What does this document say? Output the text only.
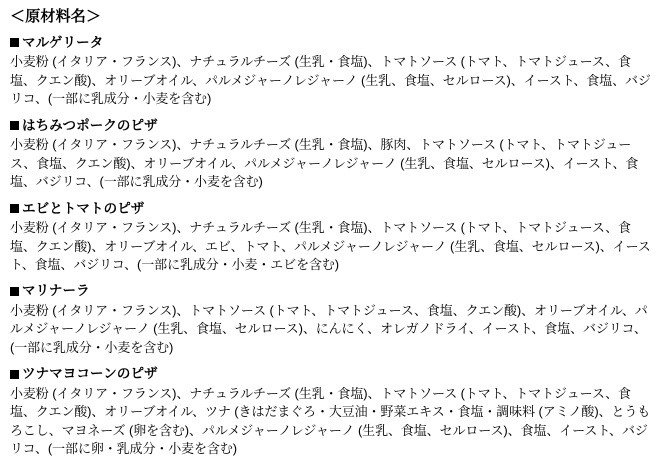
＜原材料名＞
マルゲリータ

小麦粉 (イタリア・フランス)、ナチュラルチーズ (生乳・食塩)、トマトソース (トマト、トマトジュース、食塩、クエン酸)、オリーブオイル、パルメジャーノレジャーノ (生乳、食塩、セルロース)、イースト、食塩、バジリコ、(一部に乳成分・小麦を含む)

はちみつポークのピザ

小麦粉 (イタリア・フランス)、ナチュラルチーズ (生乳・食塩)、豚肉、トマトソース (トマト、トマトジュース、食塩、クエン酸)、オリーブオイル、パルメジャーノレジャーノ (生乳、食塩、セルロース)、イースト、食塩、バジリコ、(一部に乳成分・小麦を含む)

エビとトマトのピザ

小麦粉 (イタリア・フランス)、ナチュラルチーズ (生乳・食塩)、トマトソース (トマト、トマトジュース、食塩、クエン酸)、オリーブオイル、エビ、トマト、パルメジャーノレジャーノ (生乳、食塩、セルロース)、イースト、食塩、バジリコ、(一部に乳成分・小麦・エビを含む)

マリナーラ

小麦粉 (イタリア・フランス)、トマトソース (トマト、トマトジュース、食塩、クエン酸)、オリーブオイル、パルメジャーノレジャーノ (生乳、食塩、セルロース)、にんにく、オレガノドライ、イースト、食塩、バジリコ、(一部に乳成分・小麦を含む)

ツナマヨコーンのピザ

小麦粉 (イタリア・フランス)、ナチュラルチーズ (生乳・食塩)、トマトソース (トマト、トマトジュース、食塩、クエン酸)、オリーブオイル、ツナ (きはだまぐろ・大豆油・野菜エキス・食塩・調味料 (アミノ酸)、とうもろこし、マヨネーズ (卵を含む)、パルメジャーノレジャーノ (生乳、食塩、セルロース)、食塩、イースト、バジリコ、(一部に卵・乳成分・小麦を含む)
